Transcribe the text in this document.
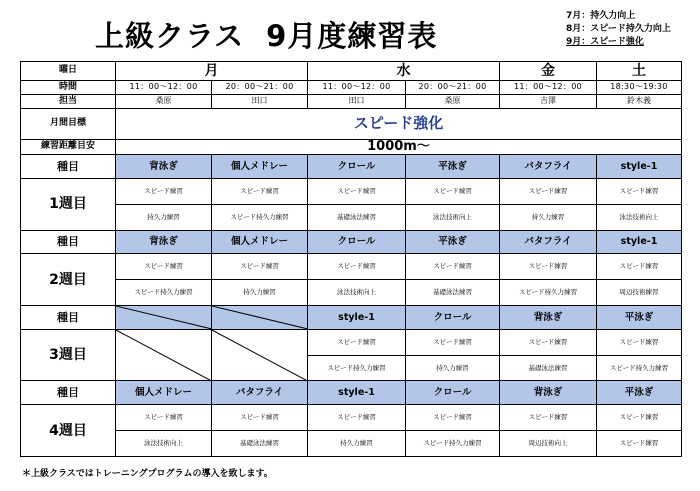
上級クラス 9月度練習表
7月：持久力向上
8月：スピード持久力向上
9月：スピード強化
曜日	月		水		金	土
時間	11：00～12：00	20：00～21：00	11：00～12：00	20：00～21：00	11：00～12：00	18:30～19:30
担当	桑原	田口	田口	桑原	吉澤	鈴木義
月間目標	スピード強化					
練習距離目安	1000m～					
種目	背泳ぎ	個人メドレー	クロール	平泳ぎ	バタフライ	style-1
1週目	スピード練習	スピード練習	スピード練習	スピード練習	スピード練習	スピード練習
	持久力練習	スピード持久力練習	基礎泳法練習	泳法技術向上	持久力練習	泳法技術向上
種目	背泳ぎ	個人メドレー	クロール	平泳ぎ	バタフライ	style-1
2週目	スピード練習	スピード練習	スピード練習	スピード練習	スピード練習	スピード練習
	スピード持久力練習	持久力練習	泳法技術向上	基礎泳法練習	スピード持久力練習	周辺技術練習
種目			style-1	クロール	背泳ぎ	平泳ぎ
3週目			スピード練習	スピード練習	スピード練習	スピード練習
			スピード持久力練習	持久力練習	基礎泳法練習	スピード持久力練習
種目	個人メドレー	バタフライ	style-1	クロール	背泳ぎ	平泳ぎ
4週目	スピード練習	スピード練習	スピード練習	スピード練習	スピード練習	スピード練習
	泳法技術向上	基礎泳法練習	持久力練習	スピード持久力練習	周辺技術向上	スピード練習
＊上級クラスではトレーニングプログラムの導入を致します。
